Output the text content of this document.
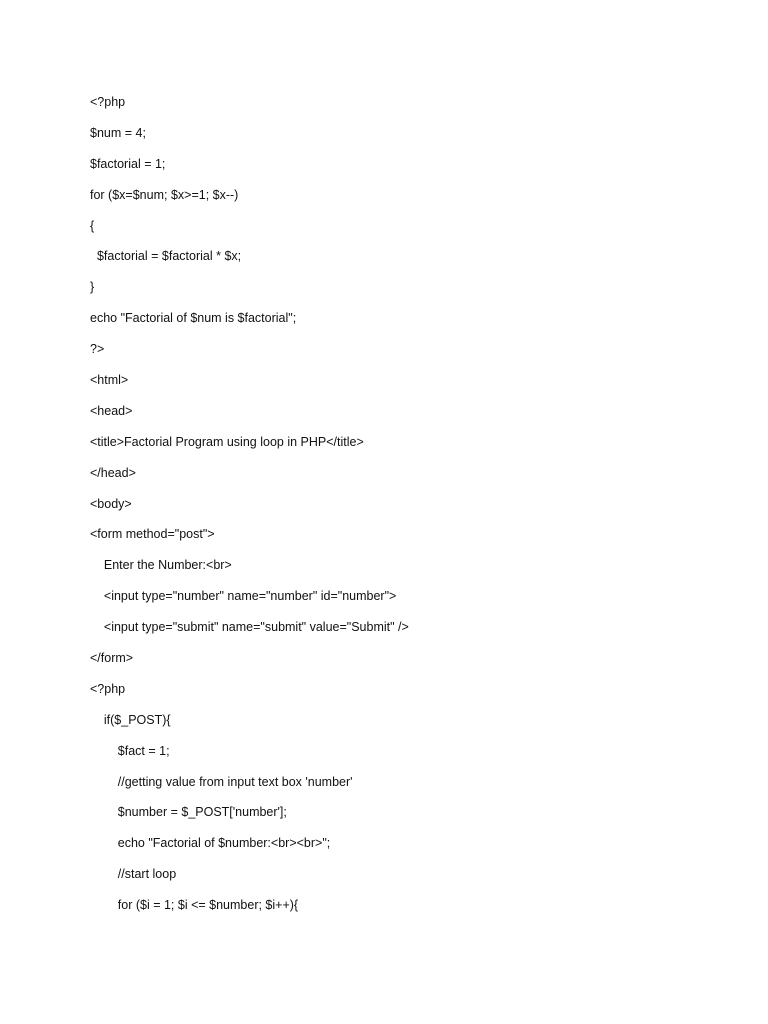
<?php
$num = 4;
$factorial = 1;
for ($x=$num; $x>=1; $x--)
{
$factorial = $factorial * $x;
}
echo "Factorial of $num is $factorial";
?>
<html>
<head>
<title>Factorial Program using loop in PHP</title>
</head>
<body>
<form method="post">
Enter the Number:<br>
<input type="number" name="number" id="number">
<input type="submit" name="submit" value="Submit" />
</form>
<?php
if($_POST){
$fact = 1;
//getting value from input text box 'number'
$number = $_POST['number'];
echo "Factorial of $number:<br><br>";
//start loop
for ($i = 1; $i <= $number; $i++){
